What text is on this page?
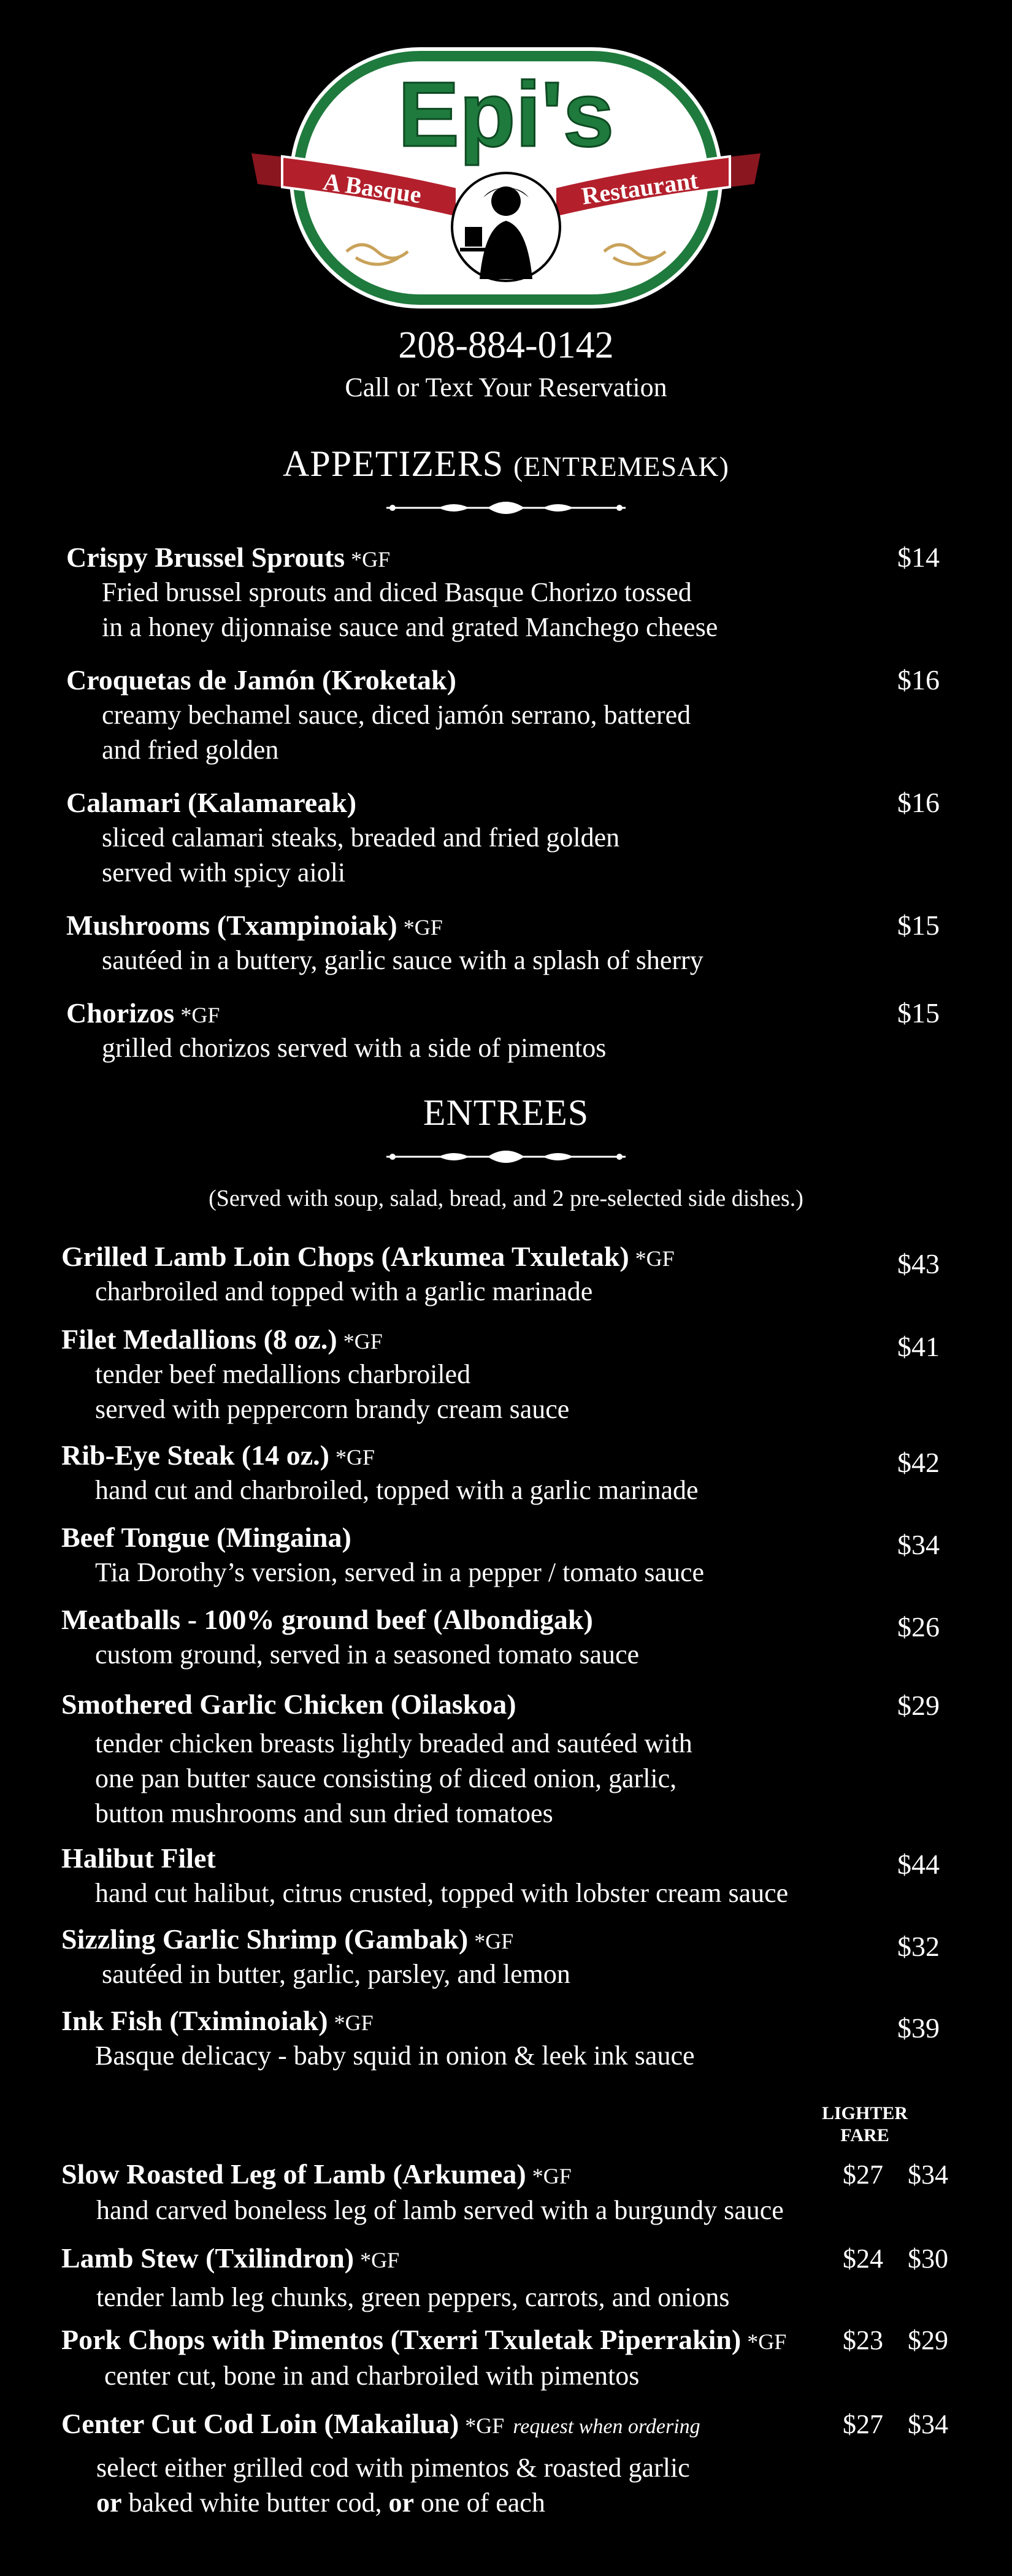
Epi's
A Basque	Restaurant
208-884-0142
Call or Text Your Reservation
APPETIZERS (ENTREMESAK)
Crispy Brussel Sprouts *GF	$14
Fried brussel sprouts and diced Basque Chorizo tossed
in a honey dijonnaise sauce and grated Manchego cheese
Croquetas de Jamón (Kroketak)	$16
creamy bechamel sauce, diced jamón serrano, battered
and fried golden
Calamari (Kalamareak)	$16
sliced calamari steaks, breaded and fried golden
served with spicy aioli
Mushrooms (Txampinoiak) *GF	$15
sautéed in a buttery, garlic sauce with a splash of sherry
Chorizos *GF	$15
grilled chorizos served with a side of pimentos
ENTREES
(Served with soup, salad, bread, and 2 pre-selected side dishes.)
Grilled Lamb Loin Chops (Arkumea Txuletak) *GF	$43
charbroiled and topped with a garlic marinade
Filet Medallions (8 oz.) *GF	$41
tender beef medallions charbroiled
served with peppercorn brandy cream sauce
Rib-Eye Steak (14 oz.) *GF	$42
hand cut and charbroiled, topped with a garlic marinade
Beef Tongue (Mingaina)	$34
Tia Dorothy’s version, served in a pepper / tomato sauce
Meatballs - 100% ground beef (Albondigak)	$26
custom ground, served in a seasoned tomato sauce
Smothered Garlic Chicken (Oilaskoa)	$29
tender chicken breasts lightly breaded and sautéed with
one pan butter sauce consisting of diced onion, garlic,
button mushrooms and sun dried tomatoes
Halibut Filet	$44
hand cut halibut, citrus crusted, topped with lobster cream sauce
Sizzling Garlic Shrimp (Gambak) *GF	$32
sautéed in butter, garlic, parsley, and lemon
Ink Fish (Tximinoiak) *GF	$39
Basque delicacy - baby squid in onion & leek ink sauce
LIGHTER
FARE
Slow Roasted Leg of Lamb (Arkumea) *GF	$27 $34
hand carved boneless leg of lamb served with a burgundy sauce
Lamb Stew (Txilindron) *GF	$24 $30
tender lamb leg chunks, green peppers, carrots, and onions
Pork Chops with Pimentos (Txerri Txuletak Piperrakin) *GF $23 $29
center cut, bone in and charbroiled with pimentos
Center Cut Cod Loin (Makailua) *GF request when ordering	$27 $34
select either grilled cod with pimentos & roasted garlic
or baked white butter cod, or one of each
